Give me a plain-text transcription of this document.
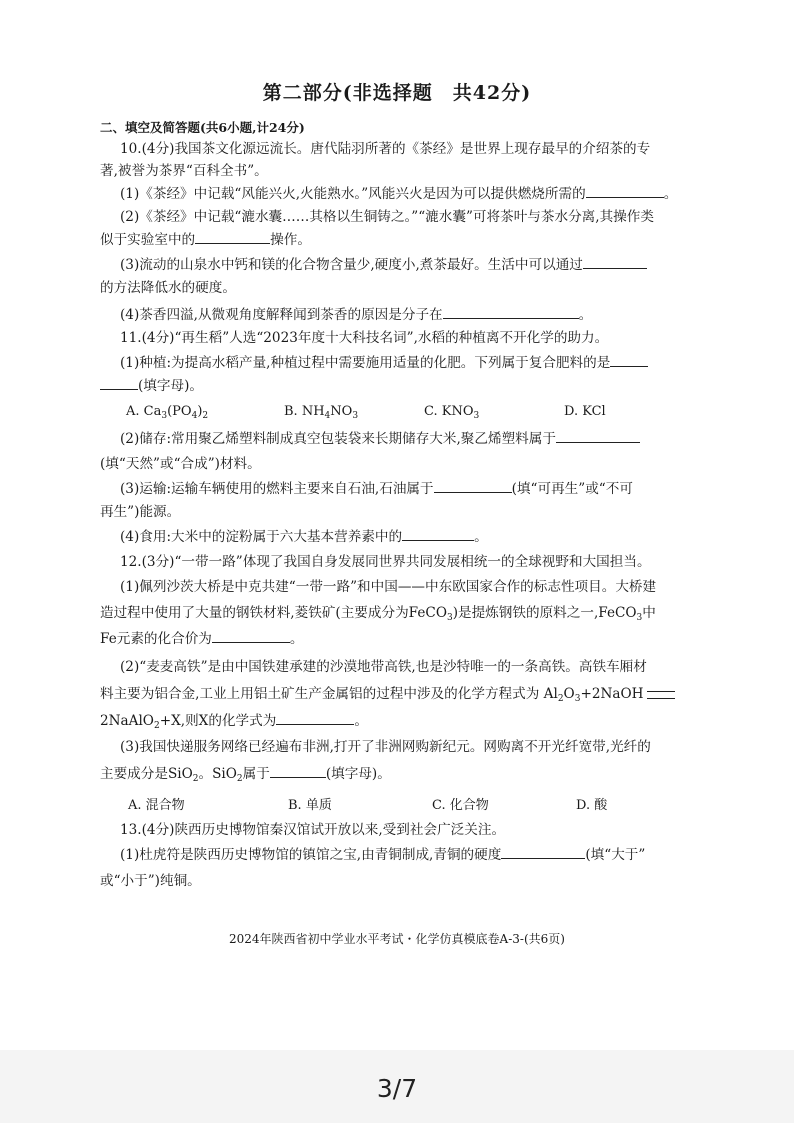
第二部分(非选择题　共42分)
二、填空及简答题(共6小题,计24分)
10.(4分)我国茶文化源远流长。唐代陆羽所著的《茶经》是世界上现存最早的介绍茶的专
著,被誉为茶界“百科全书”。
(1)《茶经》中记载“风能兴火,火能熟水。”风能兴火是因为可以提供燃烧所需的	。
(2)《茶经》中记载“漉水囊……其格以生铜铸之。”“漉水囊”可将茶叶与茶水分离,其操作类
似于实验室中的	操作。
(3)流动的山泉水中钙和镁的化合物含量少,硬度小,煮茶最好。生活中可以通过
的方法降低水的硬度。
(4)茶香四溢,从微观角度解释闻到茶香的原因是分子在	。
11.(4分)“再生稻”人选“2023年度十大科技名词”,水稻的种植离不开化学的助力。
(1)种植:为提高水稻产量,种植过程中需要施用适量的化肥。下列属于复合肥料的是
(填字母)。
A. $Ca_3(PO_4)_2$	B. $NH_4NO_3$	C. $KNO_3$	D. KCl
(2)储存:常用聚乙烯塑料制成真空包装袋来长期储存大米,聚乙烯塑料属于
(填“天然”或“合成”)材料。
(3)运输:运输车辆使用的燃料主要来自石油,石油属于	(填“可再生”或“不可
再生”)能源。
(4)食用:大米中的淀粉属于六大基本营养素中的	。
12.(3分)“一带一路”体现了我国自身发展同世界共同发展相统一的全球视野和大国担当。
(1)佩列沙茨大桥是中克共建“一带一路”和中国——中东欧国家合作的标志性项目。大桥建
造过程中使用了大量的钢铁材料,菱铁矿(主要成分为FeCO$_3$)是提炼钢铁的原料之一,FeCO$_3$中
Fe元素的化合价为	。
(2)“麦麦高铁”是由中国铁建承建的沙漠地带高铁,也是沙特唯一的一条高铁。高铁车厢材
料主要为铝合金,工业上用铝土矿生产金属铝的过程中涉及的化学方程式为 $Al_2O_3+2NaOH$
2NaAlO$_2$+X,则X的化学式为	。
(3)我国快递服务网络已经遍布非洲,打开了非洲网购新纪元。网购离不开光纤宽带,光纤的
主要成分是SiO$_2$。SiO$_2$属于	(填字母)。
A. 混合物	B. 单质	C. 化合物	D. 酸
13.(4分)陕西历史博物馆秦汉馆试开放以来,受到社会广泛关注。
(1)杜虎符是陕西历史博物馆的镇馆之宝,由青铜制成,青铜的硬度	(填“大于”
或“小于”)纯铜。
2024年陕西省初中学业水平考试・化学仿真模底卷A-3-(共6页)
3/7
